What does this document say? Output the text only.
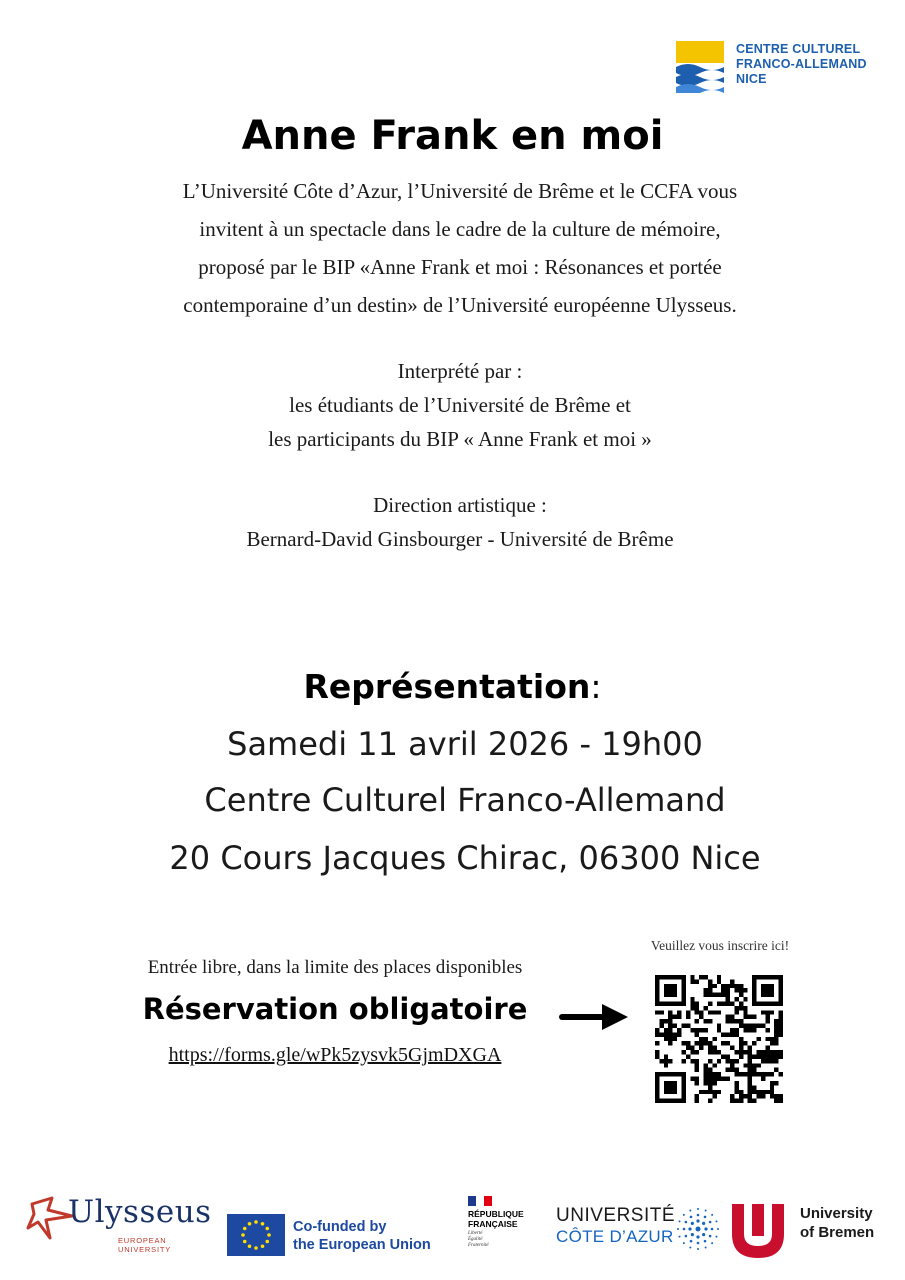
CENTRE CULTUREL
FRANCO-ALLEMAND
NICE
Anne Frank en moi
L’Université Côte d’Azur, l’Université de Brême et le CCFA vous
invitent à un spectacle dans le cadre de la culture de mémoire,
proposé par le BIP «Anne Frank et moi : Résonances et portée
contemporaine d’un destin» de l’Université européenne Ulysseus.
Interprété par :
les étudiants de l’Université de Brême et
les participants du BIP « Anne Frank et moi »
Direction artistique :
Bernard-David Ginsbourger - Université de Brême
Représentation:
Samedi 11 avril 2026 - 19h00
Centre Culturel Franco-Allemand
20 Cours Jacques Chirac, 06300 Nice
Entrée libre, dans la limite des places disponibles
Réservation obligatoire
https://forms.gle/wPk5zysvk5GjmDXGA
Veuillez vous inscrire ici!
Ulysseus
EUROPEAN UNIVERSITY
Co-funded by
the European Union
RÉPUBLIQUE
FRANÇAISE
Liberté
Égalité
Fraternité
UNIVERSITÉ
CÔTE D’AZUR
University
of Bremen
